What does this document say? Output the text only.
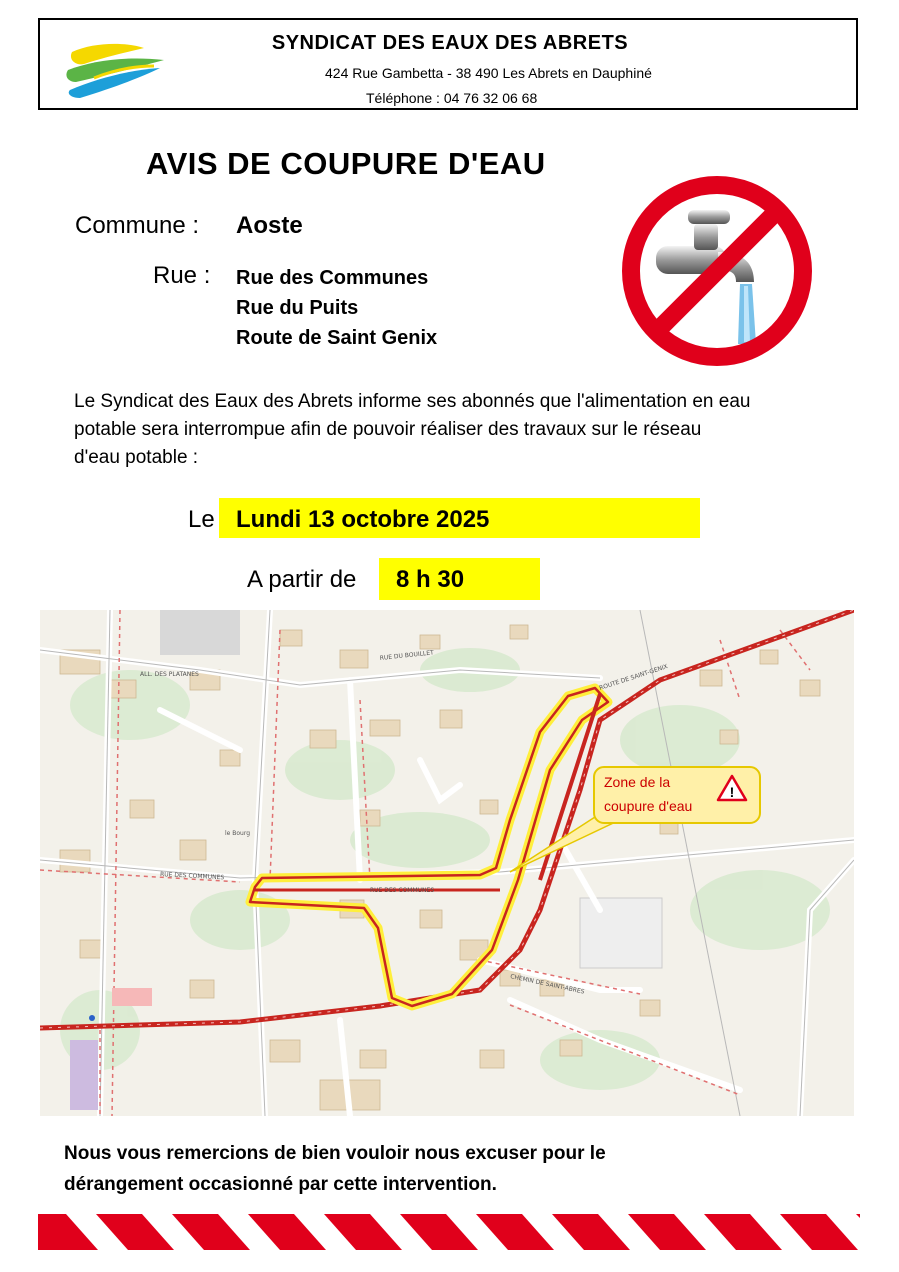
SYNDICAT DES EAUX DES ABRETS
424 Rue Gambetta - 38 490 Les Abrets en Dauphiné
Téléphone : 04 76 32 06 68
AVIS DE COUPURE D'EAU
Commune : Aoste
Rue : Rue des Communes
Rue du Puits
Route de Saint Genix
Le Syndicat des Eaux des Abrets informe ses abonnés que l'alimentation en eau
potable sera interrompue afin de pouvoir réaliser des travaux sur le réseau
d'eau potable :
Le Lundi 13 octobre 2025
A partir de 8 h 30
!
RUE DES COMMUNES
RUE DES COMMUNES
RUE DU BOUILLET
ALL. DES PLATANES
le Bourg
CHEMIN DE SAINT-ABRES
ROUTE DE SAINT-GENIX
Zone de la
coupure d'eau
Nous vous remercions de bien vouloir nous excuser pour le
dérangement occasionné par cette intervention.
